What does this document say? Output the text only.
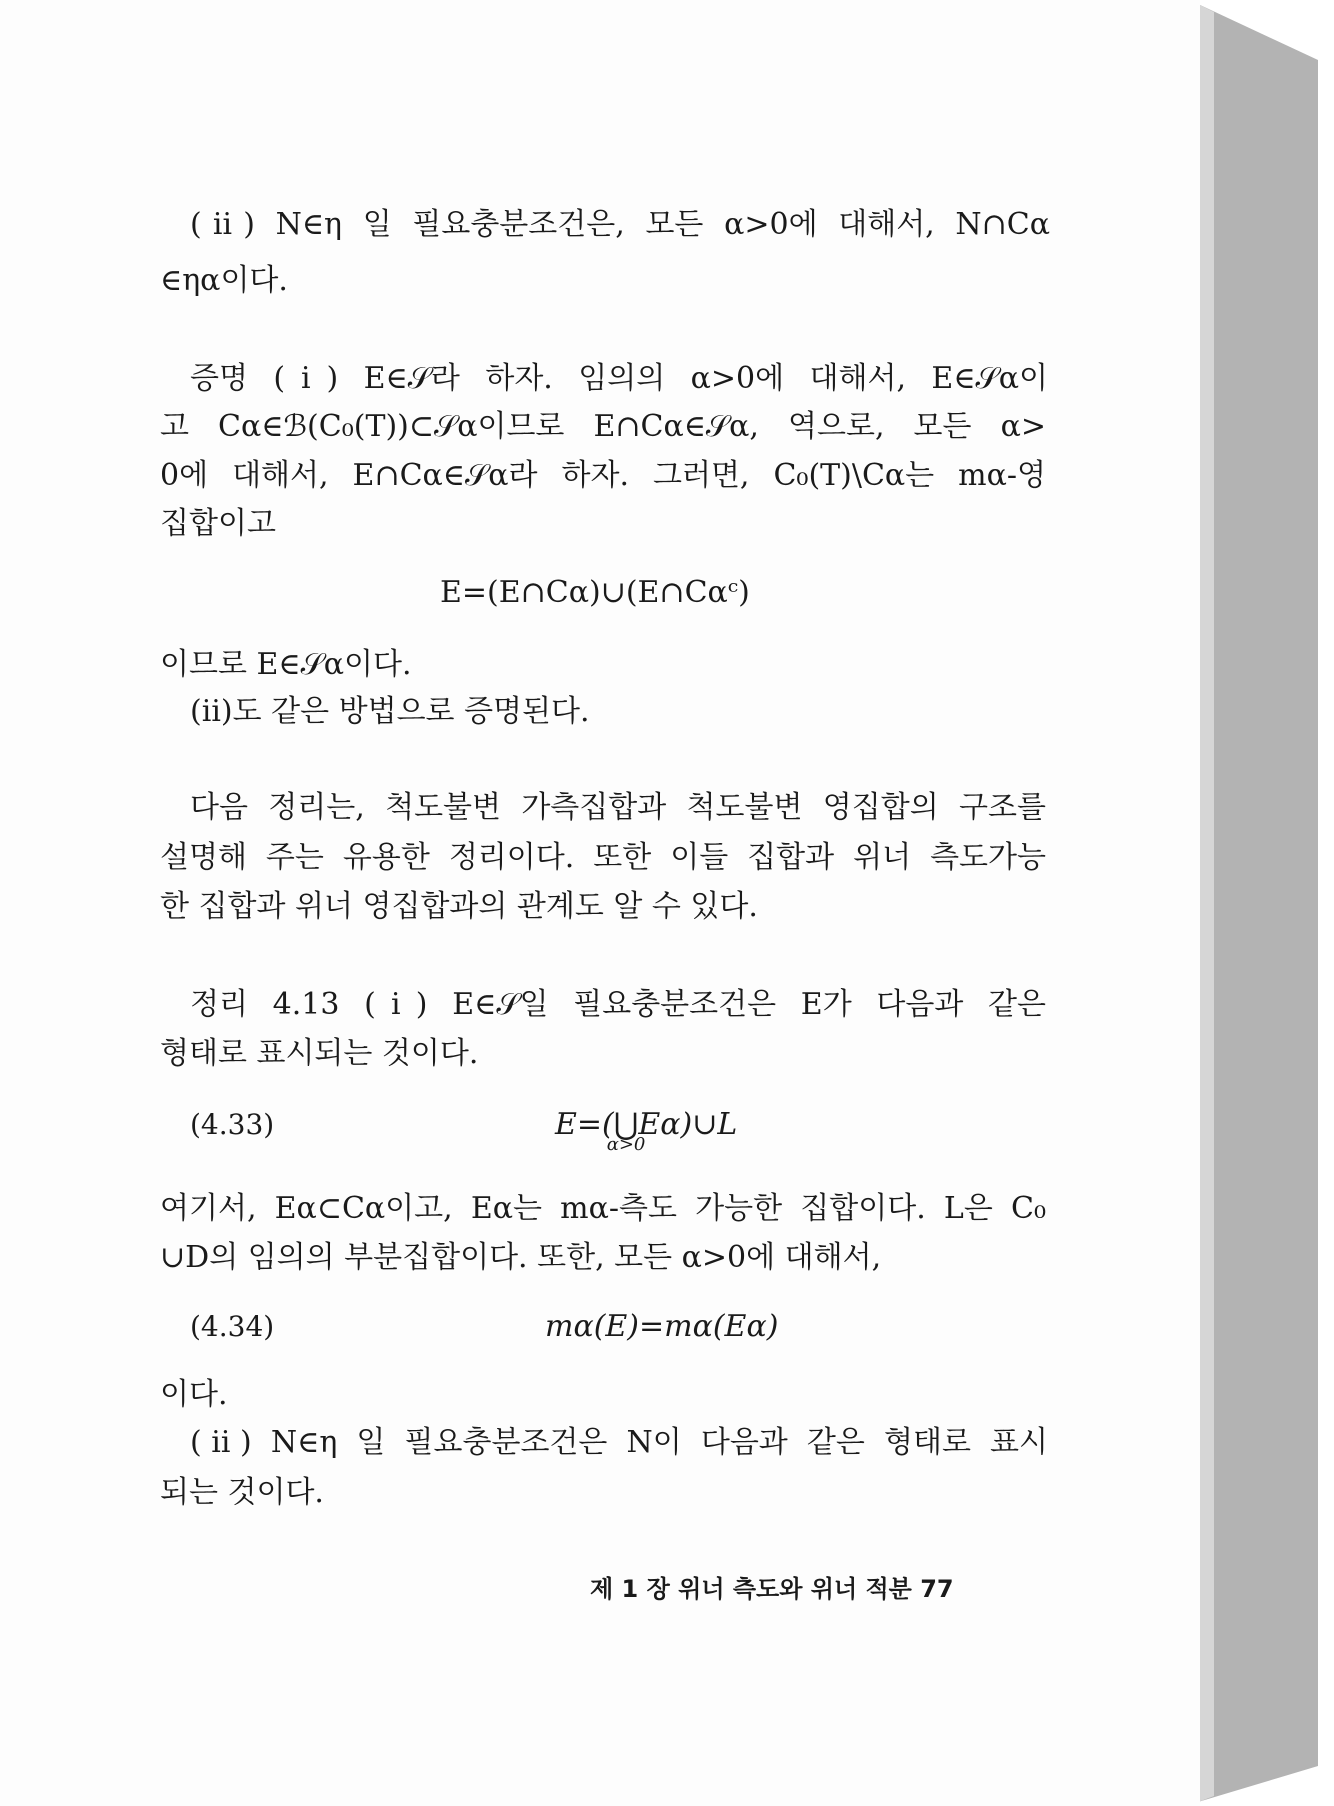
(ⅱ) N∈η 일 필요충분조건은, 모든 α>0에 대해서, N∩Cα
∈ηα이다.
증명 (ⅰ) E∈𝒮라 하자. 임의의 α>0에 대해서, E∈𝒮α이
고 Cα∈ℬ(C₀(T))⊂𝒮α이므로 E∩Cα∈𝒮α, 역으로, 모든 α>
0에 대해서, E∩Cα∈𝒮α라 하자. 그러면, C₀(T)\Cα는 mα-영
집합이고
E=(E∩Cα)∪(E∩Cαᶜ)
이므로 E∈𝒮α이다.
(ⅱ)도 같은 방법으로 증명된다.
다음 정리는, 척도불변 가측집합과 척도불변 영집합의 구조를
설명해 주는 유용한 정리이다. 또한 이들 집합과 위너 측도가능
한 집합과 위너 영집합과의 관계도 알 수 있다.
정리 4.13 (ⅰ) E∈𝒮일 필요충분조건은 E가 다음과 같은
형태로 표시되는 것이다.
여기서, Eα⊂Cα이고, Eα는 mα-측도 가능한 집합이다. L은 C₀
∪D의 임의의 부분집합이다. 또한, 모든 α>0에 대해서,
이다.
(ⅱ) N∈η 일 필요충분조건은 N이 다음과 같은 형태로 표시
되는 것이다.
(4.33)	E=(⋃
α>0
Eα)∪L
(4.34)	mα(E)=mα(Eα)
제 1 장 위너 측도와 위너 적분 77
